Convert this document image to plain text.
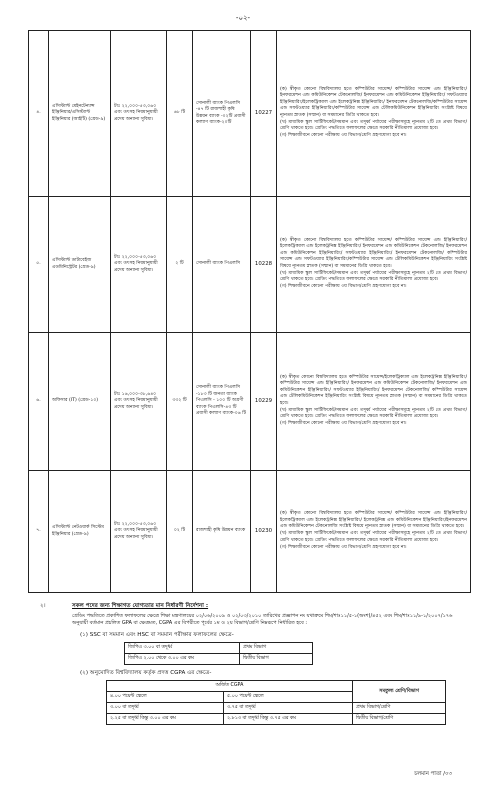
-০২-
৪.	এসিস্ট্যান্ট মেইনটেন্যান্স ইঞ্জিনিয়ার/এসিস্ট্যান্ট ইঞ্জিনিয়ার (আইটি) (গ্রেড-৯)	টাঃ ২২,০০০-৫৩,০৬০ এবং তৎসহ নিয়মানুযায়ী প্রদেয় অন্যান্য সুবিধা।	৬৮ টি	সোনালী ব্যাংক পিএলসি -৪৭ টি রাজশাহী কৃষি উন্নয়ন ব্যাংক -০২টি প্রবাসী কল্যাণ ব্যাংক-২০টি	10227	(ক) স্বীকৃত কোনো বিশ্ববিদ্যালয় হতে কম্পিউটার সায়েন্স/ কম্পিউটার সায়েন্স এন্ড ইঞ্জিনিয়ারিং/ ইনফরমেশন এন্ড কমিউনিকেশন টেকনোলজি/ ইনফরমেশন এন্ড কমিউনিকেশন ইঞ্জিনিয়ারিং/ সফটওয়্যার ইঞ্জিনিয়ারিং/ইলেকট্রিক্যাল এন্ড ইলেকট্রনিক্স ইঞ্জিনিয়ারিং/ ইনফরমেশন টেকনোলজি/কম্পিউটার সায়েন্স এন্ড সফটওয়্যার ইঞ্জিনিয়ারিং/কম্পিউটার সায়েন্স এন্ড টেলিকমিউনিকেশন ইঞ্জিনিয়ারিং সংশ্লিষ্ট বিষয়ে ন্যূনতম স্নাতক (সম্মান) বা সমমানের ডিগ্রি থাকতে হবে।
(খ) মাধ্যমিক স্কুল সার্টিফিকেট/সমমান এবং তদূর্ধ্ব পর্যায়ের পরীক্ষাসমূহে ন্যূনতম ২টি তে প্রথম বিভাগ/শ্রেণি থাকতে হবে। গ্রেডিং পদ্ধতিতে ফলাফলের ক্ষেত্রে সরকারি নীতিমালা প্রযোজ্য হবে।
(গ) শিক্ষাজীবনে কোনো পরীক্ষায় ৩য় বিভাগ/শ্রেণি গ্রহণযোগ্য হবে না।

৫.	এসিস্ট্যান্ট ডাটাবেইজ এডমিনিস্ট্রেটর (গ্রেড-৯)	টাঃ ২২,০০০-৫৩,০৬০ এবং তৎসহ নিয়মানুযায়ী প্রদেয় অন্যান্য সুবিধা।	২ টি	সোনালী ব্যাংক পিএলসি	10228	(ক) স্বীকৃত কোনো বিশ্ববিদ্যালয় হতে কম্পিউটার সায়েন্স/ কম্পিউটার সায়েন্স এন্ড ইঞ্জিনিয়ারিং/ইলেকট্রিক্যাল এন্ড ইলেকট্রনিক্স ইঞ্জিনিয়ারিং/ ইনফরমেশন এন্ড কমিউনিকেশন টেকনোলজি/ ইনফরমেশন এন্ড কমিউনিকেশন ইঞ্জিনিয়ারিং/ সফটওয়্যার ইঞ্জিনিয়ারিং/ ইনফরমেশন টেকনোলজি/ কম্পিউটার সায়েন্স এন্ড সফটওয়্যার ইঞ্জিনিয়ারিং/কম্পিউটার সায়েন্স এন্ড টেলিকমিউনিকেশন ইঞ্জিনিয়ারিং সংশ্লিষ্ট বিষয়ে ন্যূনতম স্নাতক (সম্মান) বা সমমানের ডিগ্রি থাকতে হবে।
(খ) মাধ্যমিক স্কুল সার্টিফিকেট/সমমান এবং তদূর্ধ্ব পর্যায়ের পরীক্ষাসমূহে ন্যূনতম ২টি তে প্রথম বিভাগ/শ্রেণি থাকতে হবে। গ্রেডিং পদ্ধতিতে ফলাফলের ক্ষেত্রে সরকারি নীতিমালা প্রযোজ্য হবে।
(গ) শিক্ষাজীবনে কোনো পরীক্ষায় ৩য় বিভাগ/শ্রেণি গ্রহণযোগ্য হবে না।

৬.	অফিসার (IT) (গ্রেড-১০)	টাঃ ১৬,০০০-৩৮,৬৪০ এবং তৎসহ নিয়মানুযায়ী প্রদেয় অন্যান্য সুবিধা।	৩৩২ টি	সোনালী ব্যাংক পিএলসি -১৮৩ টি জনতা ব্যাংক পিএলসি - ১০০ টি অগ্রণী ব্যাংক পিএলসি-৪৩ টি প্রবাসী কল্যাণ ব্যাংক-০৬ টি	10229	(ক) স্বীকৃত কোনো বিশ্ববিদ্যালয় হতে কম্পিউটার সায়েন্স/ইলেকট্রিক্যাল এন্ড ইলেকট্রনিক্স ইঞ্জিনিয়ারিং/ কম্পিউটার সায়েন্স এন্ড ইঞ্জিনিয়ারিং/ ইনফরমেশন এন্ড কমিউনিকেশন টেকনোলজি/ ইনফরমেশন এন্ড কমিউনিকেশন ইঞ্জিনিয়ারিং/ সফটওয়্যার ইঞ্জিনিয়ারিং/ ইনফরমেশন টেকনোলজি/ কম্পিউটার সায়েন্স এন্ড টেলিকমিউনিকেশন ইঞ্জিনিয়ারিং সংশ্লিষ্ট বিষয়ে ন্যূনতম স্নাতক (সম্মান) বা সমমানের ডিগ্রি থাকতে হবে।
(খ) মাধ্যমিক স্কুল সার্টিফিকেট/সমমান এবং তদূর্ধ্ব পর্যায়ের পরীক্ষাসমূহে ন্যূনতম ২টি তে প্রথম বিভাগ/শ্রেণি থাকতে হবে। গ্রেডিং পদ্ধতিতে ফলাফলের ক্ষেত্রে সরকারি নীতিমালা প্রযোজ্য হবে।
(গ) শিক্ষাজীবনে কোনো পরীক্ষায় ৩য় বিভাগ/শ্রেণি গ্রহণযোগ্য হবে না।

৭.	এসিস্ট্যান্ট নেটওয়ার্ক সিস্টেম ইঞ্জিনিয়ার (গ্রেড-৯)	টাঃ ২২,০০০-৫৩,০৬০ এবং তৎসহ নিয়মানুযায়ী প্রদেয় অন্যান্য সুবিধা।	০২ টি	রাজশাহী কৃষি উন্নয়ন ব্যাংক	10230	(ক) স্বীকৃত কোনো বিশ্ববিদ্যালয় হতে কম্পিউটার সায়েন্স/ কম্পিউটার সায়েন্স এন্ড ইঞ্জিনিয়ারিং/ইলেকট্রিক্যাল এন্ড ইলেকট্রনিক্স ইঞ্জিনিয়ারিং/ ইলেকট্রনিক্স এন্ড কমিউনিকেশন ইঞ্জিনিয়ারিং/ইনফরমেশন এন্ড কমিউনিকেশন টেকনোলজি সংশ্লিষ্ট বিষয়ে ন্যূনতম স্নাতক (সম্মান) বা সমমানের ডিগ্রি থাকতে হবে।
(খ) মাধ্যমিক স্কুল সার্টিফিকেট/সমমান এবং তদূর্ধ্ব পর্যায়ের পরীক্ষাসমূহে ন্যূনতম ২টি তে প্রথম বিভাগ/শ্রেণি থাকতে হবে। গ্রেডিং পদ্ধতিতে ফলাফলের ক্ষেত্রে সরকারি নীতিমালা প্রযোজ্য হবে।
(গ) শিক্ষাজীবনে কোনো পরীক্ষায় ৩য় বিভাগ/শ্রেণি গ্রহণযোগ্য হবে না।
২।	সকল পদের জন্য শিক্ষাগত যোগ্যতার মান নির্ধারণী নির্দেশনা :
গ্রেডিং পদ্ধতিতে প্রকাশিত ফলাফলের ক্ষেত্রে শিক্ষা মন্ত্রণালয়ের ০২/০৬/২০০৯ ও ০২/০৩/২০১০ তারিখের প্রজ্ঞাপন নং যথাক্রমে শিম/শাঃ১১/৫-১(অংশ)/৪৫২ এবং শিম/শাঃ১১/৯-১/২০০৭/১৭৬ অনুযায়ী বর্তমান প্রচলিত GPA বা ক্ষেত্রমত, CGPA এর বিপরীতে পূর্বের ১ম ও ২য় বিভাগ/শ্রেণি নিম্নরূপে নির্ধারিত হবে :
(১) SSC বা সমমান এবং HSC বা সমমান পরীক্ষার ফলাফলের ক্ষেত্রে-
জিপিএ ৩.০০ বা তদূর্ধ্ব	প্রথম বিভাগ
জিপিএ ২.০০ থেকে ৩.০০ এর কম	দ্বিতীয় বিভাগ
(২) অনুমোদিত বিশ্ববিদ্যালয় কর্তৃক প্রদত্ত CGPA এর ক্ষেত্রে-
অর্জিত CGPA		সমতুল্য শ্রেণি/বিভাগ
৪.০০ পয়েন্ট স্কেলে	৫.০০ পয়েন্ট স্কেলে	
৩.০০ বা তদূর্ধ্ব	৩.৭৫ বা তদূর্ধ্ব	প্রথম বিভাগ/শ্রেণি
২.২৫ বা তদূর্ধ্ব কিন্তু ৩.০০ এর কম	২.৮১৩ বা তদূর্ধ্ব কিন্তু ৩.৭৫ এর কম	দ্বিতীয় বিভাগ/শ্রেণি
চলমান পাতা /০৩
